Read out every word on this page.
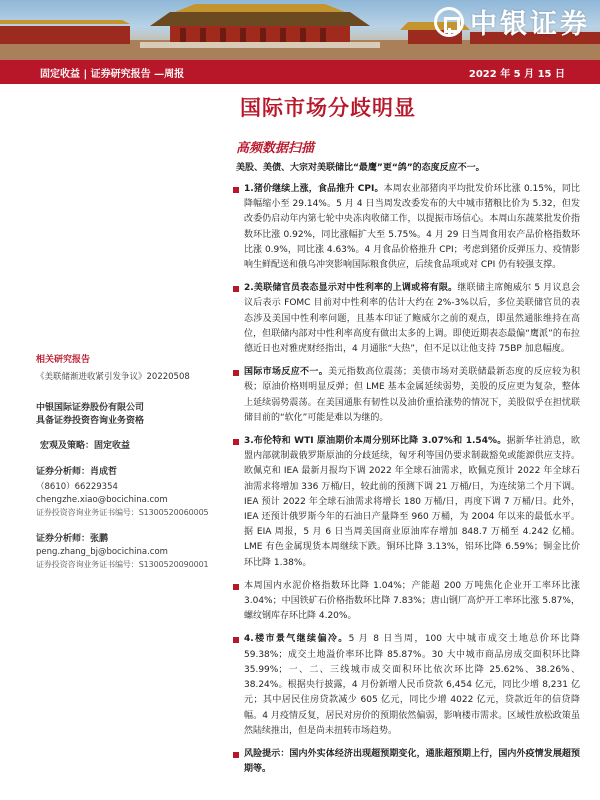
中银证券
固定收益 | 证券研究报告 —周报	2022 年 5 月 15 日
国际市场分歧明显
高频数据扫描
美股、美债、大宗对美联储比“最鹰”更“鸽”的态度反应不一。
相关研究报告
《美联储渐进收紧引发争议》20220508
中银国际证券股份有限公司
具备证券投资咨询业务资格
宏观及策略：固定收益
证券分析师：肖成哲
（8610）66229354
chengzhe.xiao@bocichina.com
证券投资咨询业务证书编号：S1300520060005
证券分析师：张鹏
peng.zhang_bj@bocichina.com
证券投资咨询业务证书编号：S1300520090001
1.猪价继续上涨，食品推升 CPI。本周农业部猪肉平均批发价环比涨 0.15%，同比降幅缩小至 29.14%。5 月 4 日当周发改委发布的大中城市猪粮比价为 5.32，但发改委仍启动年内第七轮中央冻肉收储工作，以提振市场信心。本周山东蔬菜批发价指数环比涨 0.92%，同比涨幅扩大至 5.75%。4 月 29 日当周食用农产品价格指数环比涨 0.9%，同比涨 4.63%。4 月食品价格推升 CPI；考虑到猪价反弹压力、疫情影响生鲜配送和俄乌冲突影响国际粮食供应，后续食品项或对 CPI 仍有较强支撑。
2.美联储官员表态显示对中性利率的上调或将有限。继联储主席鲍威尔 5 月议息会议后表示 FOMC 目前对中性利率的估计大约在 2%-3%以后，多位美联储官员的表态涉及美国中性利率问题，且基本印证了鲍威尔之前的观点，即虽然通胀维持在高位，但联储内部对中性利率高度有做出太多的上调。即使近期表态最偏“鹰派”的布拉德近日也对雅虎财经指出，4 月通胀“大热”，但不足以让他支持 75BP 加息幅度。
国际市场反应不一。美元指数高位震荡；美债市场对美联储最新态度的反应较为积极；原油价格则明显反弹；但 LME 基本金属延续弱势，美股的反应更为复杂，整体上延续弱势震荡。在美国通胀有韧性以及油价重拾涨势的情况下，美股似乎在担忧联储目前的“软化”可能是难以为继的。
3.布伦特和 WTI 原油期价本周分别环比降 3.07%和 1.54%。据新华社消息，欧盟内部就制裁俄罗斯原油的分歧延续，匈牙利等国仍要求制裁豁免或能源供应支持。欧佩克和 IEA 最新月报均下调 2022 年全球石油需求，欧佩克预计 2022 年全球石油需求将增加 336 万桶/日，较此前的预测下调 21 万桶/日，为连续第二个月下调。IEA 预计 2022 年全球石油需求将增长 180 万桶/日，再度下调 7 万桶/日。此外，IEA 还预计俄罗斯今年的石油日产量降至 960 万桶，为 2004 年以来的最低水平。据 EIA 周报，5 月 6 日当周美国商业原油库存增加 848.7 万桶至 4.242 亿桶。LME 有色金属现货本周继续下跌。铜环比降 3.13%，铝环比降 6.59%；铜金比价环比降 1.38%。
本周国内水泥价格指数环比降 1.04%；产能超 200 万吨焦化企业开工率环比涨 3.04%；中国铁矿石价格指数环比降 7.83%；唐山钢厂高炉开工率环比涨 5.87%，螺纹钢库存环比降 4.20%。
4.楼市景气继续偏冷。5 月 8 日当周，100 大中城市成交土地总价环比降 59.38%；成交土地溢价率环比降 85.87%。30 大中城市商品房成交面积环比降 35.99%；一、二、三线城市成交面积环比依次环比降 25.62%、38.26%、38.24%。根据央行披露，4 月份新增人民币贷款 6,454 亿元，同比少增 8,231 亿元；其中居民住房贷款减少 605 亿元，同比少增 4022 亿元，贷款近年的信贷降幅。4 月疫情反复，居民对房价的预期依然偏弱，影响楼市需求。区域性放松政策虽然陆续推出，但是尚未扭转市场趋势。
风险提示：国内外实体经济出现超预期变化，通胀超预期上行，国内外疫情发展超预期等。
